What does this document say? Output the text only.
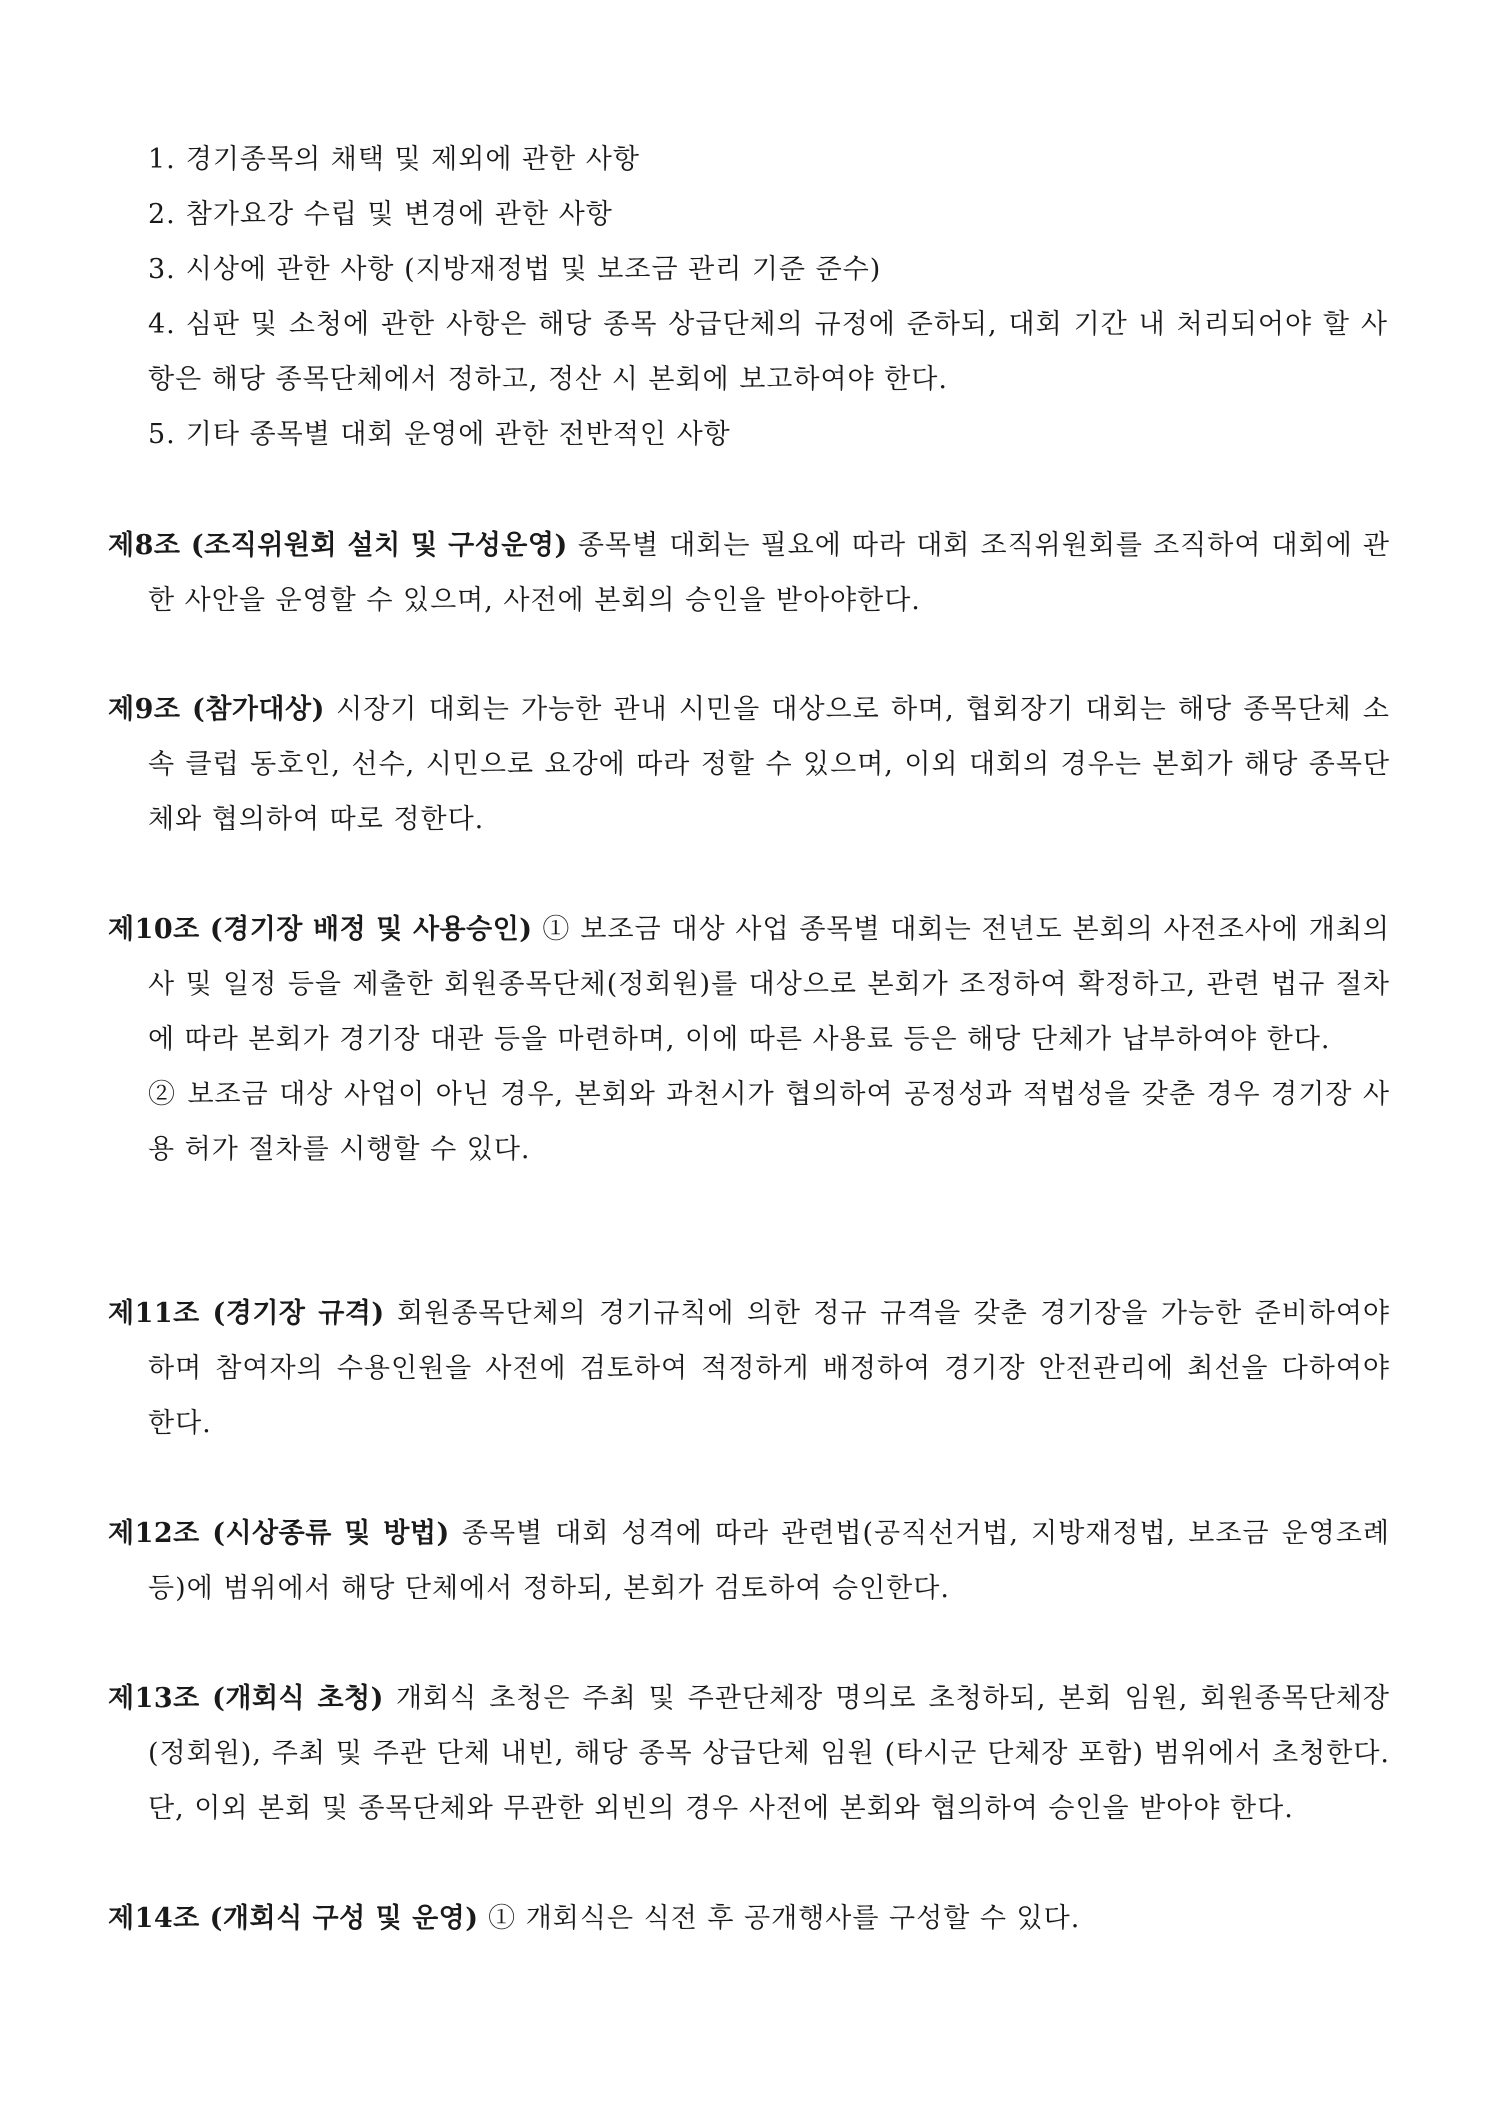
1. 경기종목의 채택 및 제외에 관한 사항
2. 참가요강 수립 및 변경에 관한 사항
3. 시상에 관한 사항 (지방재정법 및 보조금 관리 기준 준수)
4. 심판 및 소청에 관한 사항은 해당 종목 상급단체의 규정에 준하되, 대회 기간 내 처리되어야 할 사항은 해당 종목단체에서 정하고, 정산 시 본회에 보고하여야 한다.
5. 기타 종목별 대회 운영에 관한 전반적인 사항
제8조 (조직위원회 설치 및 구성운영) 종목별 대회는 필요에 따라 대회 조직위원회를 조직하여 대회에 관한 사안을 운영할 수 있으며, 사전에 본회의 승인을 받아야한다.
제9조 (참가대상) 시장기 대회는 가능한 관내 시민을 대상으로 하며, 협회장기 대회는 해당 종목단체 소속 클럽 동호인, 선수, 시민으로 요강에 따라 정할 수 있으며, 이외 대회의 경우는 본회가 해당 종목단체와 협의하여 따로 정한다.
제10조 (경기장 배정 및 사용승인) ① 보조금 대상 사업 종목별 대회는 전년도 본회의 사전조사에 개최의사 및 일정 등을 제출한 회원종목단체(정회원)를 대상으로 본회가 조정하여 확정하고, 관련 법규 절차에 따라 본회가 경기장 대관 등을 마련하며, 이에 따른 사용료 등은 해당 단체가 납부하여야 한다.
② 보조금 대상 사업이 아닌 경우, 본회와 과천시가 협의하여 공정성과 적법성을 갖춘 경우 경기장 사용 허가 절차를 시행할 수 있다.
제11조 (경기장 규격) 회원종목단체의 경기규칙에 의한 정규 규격을 갖춘 경기장을 가능한 준비하여야 하며 참여자의 수용인원을 사전에 검토하여 적정하게 배정하여 경기장 안전관리에 최선을 다하여야 한다.
제12조 (시상종류 및 방법) 종목별 대회 성격에 따라 관련법(공직선거법, 지방재정법, 보조금 운영조례 등)에 범위에서 해당 단체에서 정하되, 본회가 검토하여 승인한다.
제13조 (개회식 초청) 개회식 초청은 주최 및 주관단체장 명의로 초청하되, 본회 임원, 회원종목단체장(정회원), 주최 및 주관 단체 내빈, 해당 종목 상급단체 임원 (타시군 단체장 포함) 범위에서 초청한다. 단, 이외 본회 및 종목단체와 무관한 외빈의 경우 사전에 본회와 협의하여 승인을 받아야 한다.
제14조 (개회식 구성 및 운영) ① 개회식은 식전 후 공개행사를 구성할 수 있다.
